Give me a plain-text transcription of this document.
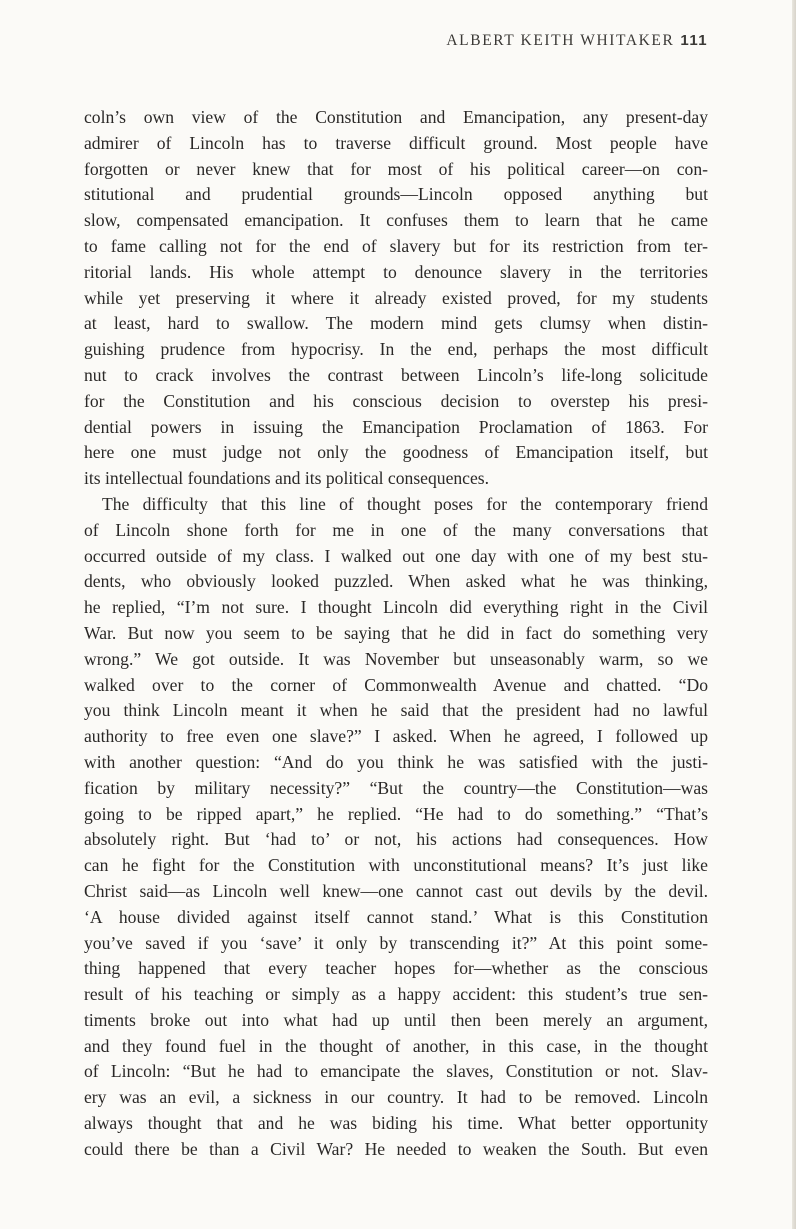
ALBERT KEITH WHITAKER 111
coln’s own view of the Constitution and Emancipation, any present-day
admirer of Lincoln has to traverse difficult ground. Most people have
forgotten or never knew that for most of his political career—on con-
stitutional and prudential grounds—Lincoln opposed anything but
slow, compensated emancipation. It confuses them to learn that he came
to fame calling not for the end of slavery but for its restriction from ter-
ritorial lands. His whole attempt to denounce slavery in the territories
while yet preserving it where it already existed proved, for my students
at least, hard to swallow. The modern mind gets clumsy when distin-
guishing prudence from hypocrisy. In the end, perhaps the most difficult
nut to crack involves the contrast between Lincoln’s life-long solicitude
for the Constitution and his conscious decision to overstep his presi-
dential powers in issuing the Emancipation Proclamation of 1863. For
here one must judge not only the goodness of Emancipation itself, but
its intellectual foundations and its political consequences.
The difficulty that this line of thought poses for the contemporary friend
of Lincoln shone forth for me in one of the many conversations that
occurred outside of my class. I walked out one day with one of my best stu-
dents, who obviously looked puzzled. When asked what he was thinking,
he replied, “I’m not sure. I thought Lincoln did everything right in the Civil
War. But now you seem to be saying that he did in fact do something very
wrong.” We got outside. It was November but unseasonably warm, so we
walked over to the corner of Commonwealth Avenue and chatted. “Do
you think Lincoln meant it when he said that the president had no lawful
authority to free even one slave?” I asked. When he agreed, I followed up
with another question: “And do you think he was satisfied with the justi-
fication by military necessity?” “But the country—the Constitution—was
going to be ripped apart,” he replied. “He had to do something.” “That’s
absolutely right. But ‘had to’ or not, his actions had consequences. How
can he fight for the Constitution with unconstitutional means? It’s just like
Christ said—as Lincoln well knew—one cannot cast out devils by the devil.
‘A house divided against itself cannot stand.’ What is this Constitution
you’ve saved if you ‘save’ it only by transcending it?” At this point some-
thing happened that every teacher hopes for—whether as the conscious
result of his teaching or simply as a happy accident: this student’s true sen-
timents broke out into what had up until then been merely an argument,
and they found fuel in the thought of another, in this case, in the thought
of Lincoln: “But he had to emancipate the slaves, Constitution or not. Slav-
ery was an evil, a sickness in our country. It had to be removed. Lincoln
always thought that and he was biding his time. What better opportunity
could there be than a Civil War? He needed to weaken the South. But even
